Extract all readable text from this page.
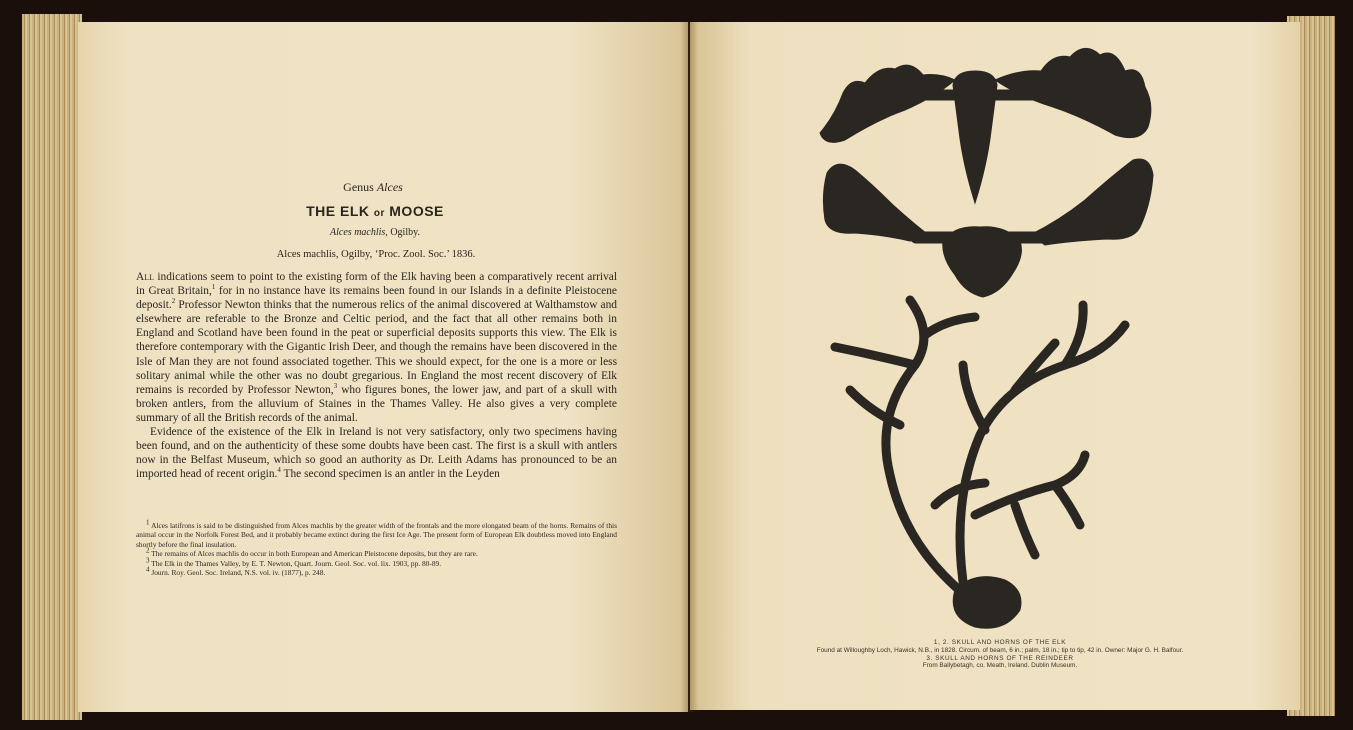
Genus Alces
THE ELK or MOOSE
Alces machlis, Ogilby.
Alces machlis, Ogilby, ‘Proc. Zool. Soc.’ 1836.

All indications seem to point to the existing form of the Elk having been a comparatively recent arrival in Great Britain,$^1$ for in no instance have its remains been found in our Islands in a definite Pleistocene deposit.$^2$ Professor Newton thinks that the numerous relics of the animal discovered at Walthamstow and elsewhere are referable to the Bronze and Celtic period, and the fact that all other remains both in England and Scotland have been found in the peat or superficial deposits supports this view. The Elk is therefore contemporary with the Gigantic Irish Deer, and though the remains have been discovered in the Isle of Man they are not found associated together. This we should expect, for the one is a more or less solitary animal while the other was no doubt gregarious. In England the most recent discovery of Elk remains is recorded by Professor Newton,$^3$ who figures bones, the lower jaw, and part of a skull with broken antlers, from the alluvium of Staines in the Thames Valley. He also gives a very complete summary of all the British records of the animal.

Evidence of the existence of the Elk in Ireland is not very satisfactory, only two specimens having been found, and on the authenticity of these some doubts have been cast. The first is a skull with antlers now in the Belfast Museum, which so good an authority as Dr. Leith Adams has pronounced to be an imported head of recent origin.$^4$ The second specimen is an antler in the Leyden

$^1$ Alces latifrons is said to be distinguished from Alces machlis by the greater width of the frontals and the more elongated beam of the horns. Remains of this animal occur in the Norfolk Forest Bed, and it probably became extinct during the first Ice Age. The present form of European Elk doubtless moved into England shortly before the final insulation.
$^2$ The remains of Alces machlis do occur in both European and American Pleistocene deposits, but they are rare.
$^3$ The Elk in the Thames Valley, by E. T. Newton, Quart. Journ. Geol. Soc. vol. lix. 1903, pp. 80-89.
$^4$ Journ. Roy. Geol. Soc. Ireland, N.S. vol. iv. (1877), p. 248.
1, 2. SKULL AND HORNS OF THE ELK
Found at Willoughby Loch, Hawick, N.B., in 1828. Circum. of beam, 6 in.; palm, 18 in.; tip to tip, 42 in. Owner: Major G. H. Balfour.
3. SKULL AND HORNS OF THE REINDEER
From Ballybetagh, co. Meath, Ireland. Dublin Museum.
